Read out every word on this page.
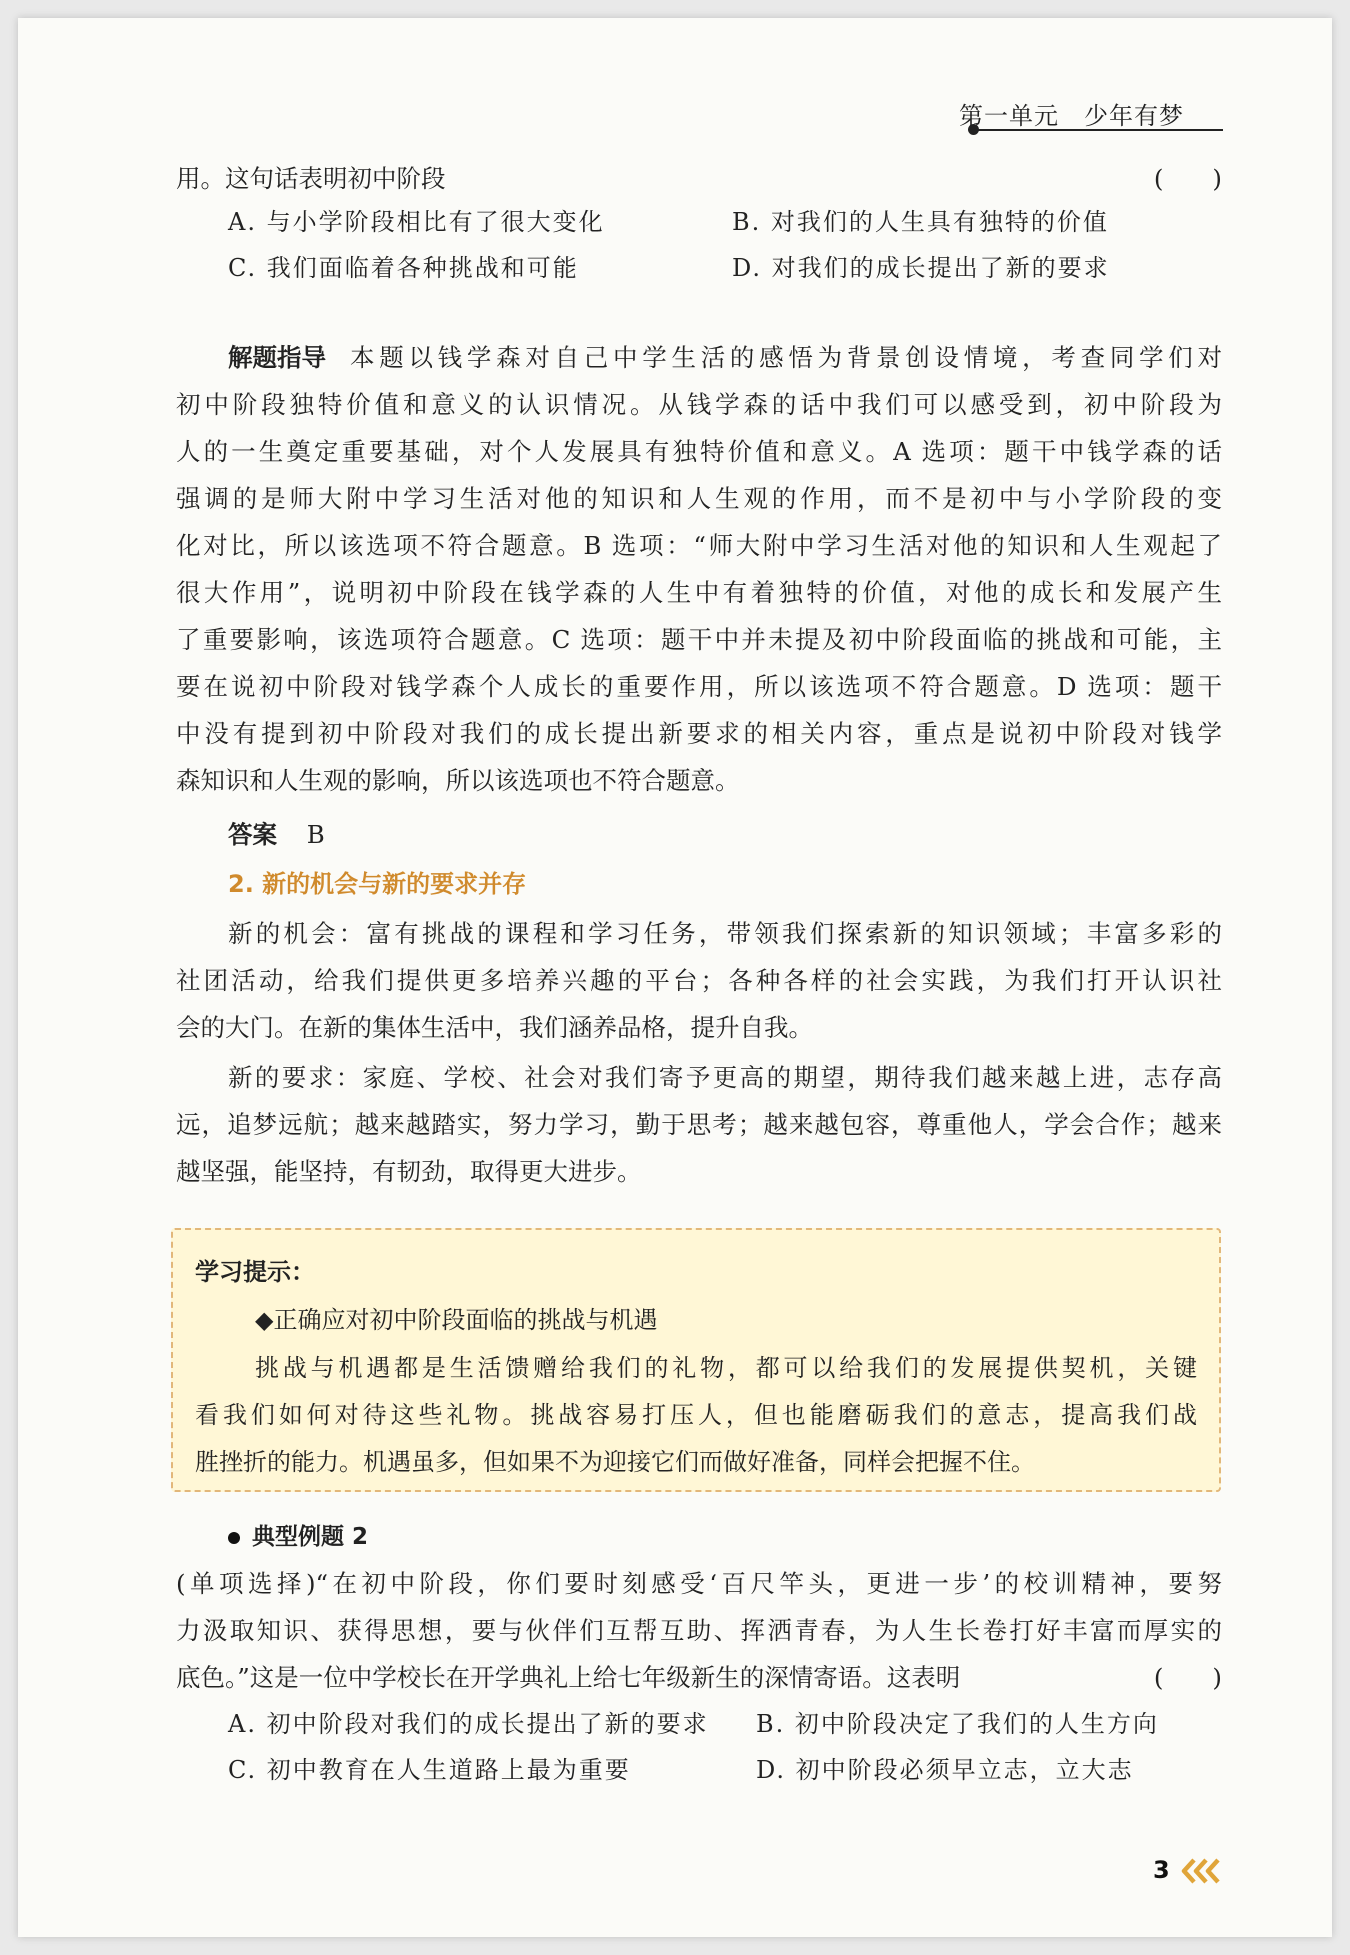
第一单元　少年有梦
用。这句话表明初中阶段	(　　)
A. 与小学阶段相比有了很大变化	B. 对我们的人生具有独特的价值
C. 我们面临着各种挑战和可能	D. 对我们的成长提出了新的要求
解题指导 本题以钱学森对自己中学生活的感悟为背景创设情境，考查同学们对
初中阶段独特价值和意义的认识情况。从钱学森的话中我们可以感受到，初中阶段为
人的一生奠定重要基础，对个人发展具有独特价值和意义。A 选项：题干中钱学森的话
强调的是师大附中学习生活对他的知识和人生观的作用，而不是初中与小学阶段的变
化对比，所以该选项不符合题意。B 选项：“师大附中学习生活对他的知识和人生观起了
很大作用”，说明初中阶段在钱学森的人生中有着独特的价值，对他的成长和发展产生
了重要影响，该选项符合题意。C 选项：题干中并未提及初中阶段面临的挑战和可能，主
要在说初中阶段对钱学森个人成长的重要作用，所以该选项不符合题意。D 选项：题干
中没有提到初中阶段对我们的成长提出新要求的相关内容，重点是说初中阶段对钱学
森知识和人生观的影响，所以该选项也不符合题意。
答案 B
2. 新的机会与新的要求并存
新的机会：富有挑战的课程和学习任务，带领我们探索新的知识领域；丰富多彩的
社团活动，给我们提供更多培养兴趣的平台；各种各样的社会实践，为我们打开认识社
会的大门。在新的集体生活中，我们涵养品格，提升自我。
新的要求：家庭、学校、社会对我们寄予更高的期望，期待我们越来越上进，志存高
远，追梦远航；越来越踏实，努力学习，勤于思考；越来越包容，尊重他人，学会合作；越来
越坚强，能坚持，有韧劲，取得更大进步。
学习提示：
◆正确应对初中阶段面临的挑战与机遇
挑战与机遇都是生活馈赠给我们的礼物，都可以给我们的发展提供契机，关键
看我们如何对待这些礼物。挑战容易打压人，但也能磨砺我们的意志，提高我们战
胜挫折的能力。机遇虽多，但如果不为迎接它们而做好准备，同样会把握不住。
典型例题 2
(单项选择)“在初中阶段，你们要时刻感受‘百尺竿头，更进一步’的校训精神，要努
力汲取知识、获得思想，要与伙伴们互帮互助、挥洒青春，为人生长卷打好丰富而厚实的
底色。”这是一位中学校长在开学典礼上给七年级新生的深情寄语。这表明	(　　)
A. 初中阶段对我们的成长提出了新的要求 B. 初中阶段决定了我们的人生方向
C. 初中教育在人生道路上最为重要	D. 初中阶段必须早立志，立大志
3
